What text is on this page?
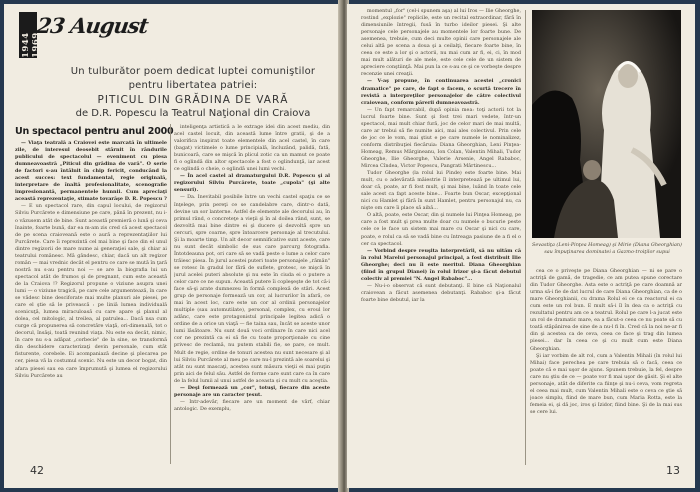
1944 1969
23 August
Un tulburător poem dedicat luptei comuniştilor
pentru libertatea patriei:
PITICUL DIN GRĂDINA DE VARĂ
de D.R. Popescu la Teatrul Naţional din Craiova
Un spectacol pentru anul 2000

— Viaţa teatrală a Craiovei este marcată în ultimele zile, de interesul deosebit stârnit în rândurile publicului de spectacolul — eveniment cu piesa dumneavoastră „Piticul din grădina de vară". O serie de factori s-au întâlnit în chip fericit, conducând la acest succes: text fundamental, regie originală, interpretare de înaltă profesionalitate, scenografie impresionantă, permanentele hunnii. Cum apreciaţi această reprezentaţie, stimate tovarăşe D. R. Popescu ?

— E un spectacol rare, din capul locului, de regizorul Silviu Purcărete e dimensiune pe care, până în prezent, nu i-o văzusem atât de bine. Sunt această premieră o lună şi ceva înainte, foarte bună, dar ea m-am zis cred că acest spectacol de pe scena craioveană este o aură a reprezentaţiilor lui Purcărete. Care îi reprezintă cel mai bine şi face din el unul dintre regizorii de mare nume ai generaţiei sale, şi chiar ai teatrului românesc. Mă gândesc, chiar, dacă un alt regizor român — mai vrednic decât el pentru ce care se mută în ţară nostră nu s-au pentru noi — se are la biografia lui un spectacol atât de frumos şi de pregnant, cum este această de la Craiova !? Regizorul propune o viziune asupra unei lumi — o viziune tragică, pe care cele argumentează, în care se vădesc bine desciforate mai multe planuri ale piesei, pe care el ştie să le privească : pe liniă lumea individuală scenicuţă, lumea miraculoasă cu care apare şi planul al dolea, cel mitologic, al treilea, al patrulea... Dacă nsa cum curge că propunerea să concretăre viaţă, ori-dimenală, tot o decorul, însăşi, toată reunind viaţa. Nu este ea decât, nimic, în care nu s-a adăpat „corbecie" de la sine, se transformă din deschidere caracterizaţi devin personale, cum stăt fisturente, corebele. Ei acompaniază decine şi plecarea pe cer, piesa vă la costumul scenic. Nu este un decor bogat, din afara piesei sau ea care împrumută şi lumea el regizorului Silviu Purcărete au

inteligenţa artistică a le extrage idei din acest mediu, din acel castel locuit, din această lume între gratii, şi de a valorifica inspirat toate elementele din acel castel, în care (bagat) victimele o lume principială, încluzând, palidă, fată, bunicoară, care se mişcă în plicul zotic ca un mamut ce poate fi o oglindă din altor spectacole a fost o oglindunţă, iar acest ce oglindă o cheie, o oglindă unei lumi vechi.

— În acel castel al dramaturgului D.R. Popescu şi al regizorului Silviu Purcărete, toate „cupola" (şi alte sensuri).

— Da. Inevitabil posibile între un vechi castel spaţiu ce se înţelege, prin pereţi ce se candelabre care, dintr-o dată, devine un sor lanterne. Astfel de elemente ale decorului au, în primul rând, o concreteţe a vieţii şi în al doilea rând, sunt, se dezvoltă mai bine dintre ei şi ducere şi dezvoltă spre un cercuri, spre coarne, spre întoarcere personaje al trecutului. Şi la moarte timp. Un alt decor semnificative sunt aceste, care nu sunt decât simbolic de sus care parcurg fotografia. Întotdeauna pot, ori care să se vadă peste o lume a celor care trăiesc piesa. În jurul acestei puteri toate personajele „rămân" se rotesc în gradul lor fără de suflete, grotesc, se mişcă în jurul acelei puteri absolute şi nu este în ciuda ei o putere a celor care ce ne supun. Această putere îi copleşeşte de tot că-i face să-şi arate dumnezeu în formă complexă de stări. Acest grup de personaje formează un cor, al lucrurilor în afară, ce mai în acest loc, care este un cor al ordinii personajelor multiple (sau automutilate), personal, complex, cu eroul lor adânc, care este protagonistul principale legitea adică o ordine de a orice un viaţă — fie taina sau, încât se aceste unor lumi lăsătoare. Nu sunt două voci ordinare în care nici acel cor ne prezintă ca ei să fie cu toate proporţionale cu cine privesc de reclamă, nu putem stabili fie, se pare, ce mult. Mult de regie, ordine de tonuri acestea nu sunt necesare şi al lui Silviu Purcărete al meu pe care nu-l prezintă ale soarelui şi atât nu sunt mascaţi, acestea sunt măsura vieţii ei mai puţin prin aici de felul său. Astfel de forme care sunt care ca în care de la felul lumii al unui astfel de aceasta și cu mult cu aceştia.

— Deşi formează un „cor", totuşi, fiecare din aceste personaje are un caracter ţesut.

— Intr-adevăr, fiecare are un moment de vârf, chiar antologic. De exemplu,

42

momentul „for" (cel-i spunem aşa) al lui Iros — Ilie Gheorghe, rostind „explozie" replicile, este un recital extraordinar, fără în dimensiunile întregii, fusă în turbo ideilor piesei. Şi alte personaje cele personajele au momentele lor foarte bune. De asemenea, trebuie, cum deci multe opinii care personajele ale celui altă pe scena a doua şi a ceilalţi, fiecare foarte bine, în ceea ce este a lor şi o actorii, nu mai cum ar fi, ei, ci, în mod mai mult alături de ale mele, este cele cele de un sistem de apreciere conştiinţă. Mai pun la ce s-au ce şi ce vorbeşte despre recenzie unei creaţii.

— V-aş propune, în continuarea acestei „cronici dramatice" pe care, de fapt o facem, o scurtă trecere în revistă a interpreţilor personajelor de către colectivul craiovean, conform părerii dumneavoastră.

— Un fapt remarcabil, după opinia mea: toţi actorii tot la lucrul foarte bine. Sunt şi fost trei mari vedete, într-un spectacol, mai mult chiar fură, joc de celor mari de mai multă, care ar trebui să fie numite aici, mai ales colectivul. Prin cele de joc ce le vom, mai ştiut e pe care numele le nominalizez, conform distribuţiei fiecăruia: Diana Gheorghian, Leni Pinţea-Homeag, Remus Mărgineanu, Ion Colan, Valentin Mihali, Tudor Gheorghe, Ilie Gheorghe, Valerie Arsenie, Angel Rababoc, Mircea Cîndea, Victor Popescu, Pangrati Mârtinescu...

Tudor Gheorghe (la rolul lui Pinde) este foarte bine. Mai mult, cu o adevărată măiestrie îl interpretează pe ultimul lui, doar că, poate, ar fi fost mult, şi mai bine, luând în toate cele sale acest ca fapt aceste bine... Foarte bun Oscar, excepţional nici cu Hamlet şi fără în sunt Hamlet, pentru personajul nu, ca nişte om care îi place să aibă...

O altă, poate, este Oscar, din şi numele lui Pinţea Homeag, pe care a fost mult şi prea multe doar cu numele o bucurie peste cele ce le face un sistem mai mare cu Oscar şi nici cu care, poate, e rolul ca să se vadă bine cu întreaga pasiune de a fi el o cer ca spectacol.

— Vorbind despre reuşita interpretării, să nu uităm că în rolul Marelui personajul principal, a fost distribuit Ilie Gheorghe; deci nu îi este meritul. Diana Gheorghian (fiind în grupul Dianei) în rolul Irizor şi-a făcut debutul colectiv al premiei "N. Angel Rababoc"...

— Nu-i-o observat că sunt debutanţi. E bine că Naţionalul craiovean a făcut asemenea debutanţi. Rababoc şi-a făcut foarte bine debutul, iar la

cea ce o priveşte pe Diana Gheorghian — ni se pare o actriţă de gamă, de tragedie, ce am putea spune corectare din Tudor Gheorghe. Asta este o actriţă pe care doamnă ar urma să-i fie de dat lucrul de care Diana Gheorghian, ca de o mare Gheorghianii, cu drama Rolul ei ce ca reactorul ei ca cum este un rol bun. E mult să-i îl în dea ca o actriţă cu rezultatul pentru am ce a teatrul. Rolul pe care l-a jucat este un rol de dramatic mare, ea a făcut-o ceea ce nu poate să cu toată stăpânirea de sine de a nu-l fi în. Cred că la noi ne-ar fi din şi acestea ca de ceva, ceea ce face şi trag din lumea piesei... dar în ceea ce şi cu mult cum este Diana Gheorghian.

Şi iar vorbim de alt rol, cum a Valentin Mihali (în rolul lui Mihai) face perechea pe care trebuia să o facă, ceea ce poate că e mai uşor de ajuns. Spunem trebuie, la fel, despre care nu ştiu de ce — poate vor fi mai uşor de găsit. Şi el alte personaje, atât de diferite ca fiinţe şi nu-i ceva, vom regreta el ceea mai mult, cum Valentin Mihali este o ceva ce ştie să joace simplu, fiind de mare bun, cum Maria Rotta, este la femeia ei, şi dă joc, iros şi Izidor, fiind bine. Şi de la mai sus se cere lui.

13
Sevastiţa (Leni-Pinţea Homeag) şi Mirie (Diana Gheorghian) sau împuţinarea dominatei a Gazmo-troiţilor supui
